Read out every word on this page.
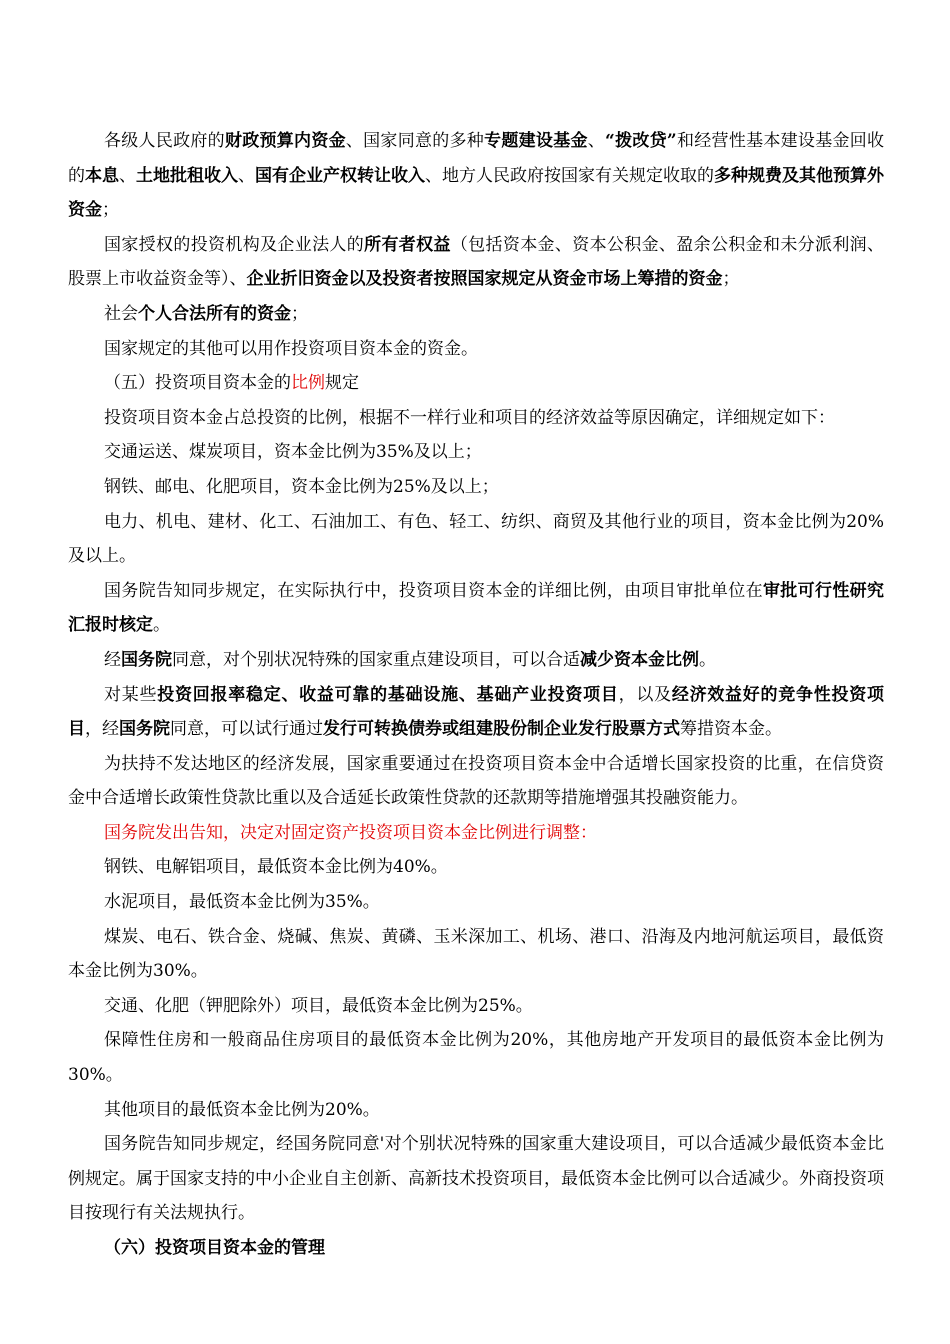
各级人民政府的财政预算内资金、国家同意的多种专题建设基金、“拨改贷”和经营性基本建设基金回收的本息、土地批租收入、国有企业产权转让收入、地方人民政府按国家有关规定收取的多种规费及其他预算外资金；

国家授权的投资机构及企业法人的所有者权益（包括资本金、资本公积金、盈余公积金和未分派利润、股票上市收益资金等）、企业折旧资金以及投资者按照国家规定从资金市场上筹措的资金；

社会个人合法所有的资金；

国家规定的其他可以用作投资项目资本金的资金。

（五）投资项目资本金的比例规定

投资项目资本金占总投资的比例，根据不一样行业和项目的经济效益等原因确定，详细规定如下：

交通运送、煤炭项目，资本金比例为35%及以上；

钢铁、邮电、化肥项目，资本金比例为25%及以上；

电力、机电、建材、化工、石油加工、有色、轻工、纺织、商贸及其他行业的项目，资本金比例为20%及以上。

国务院告知同步规定，在实际执行中，投资项目资本金的详细比例，由项目审批单位在审批可行性研究汇报时核定。

经国务院同意，对个别状况特殊的国家重点建设项目，可以合适减少资本金比例。

对某些投资回报率稳定、收益可靠的基础设施、基础产业投资项目，以及经济效益好的竞争性投资项目，经国务院同意，可以试行通过发行可转换债券或组建股份制企业发行股票方式筹措资本金。

为扶持不发达地区的经济发展，国家重要通过在投资项目资本金中合适增长国家投资的比重，在信贷资金中合适增长政策性贷款比重以及合适延长政策性贷款的还款期等措施增强其投融资能力。

国务院发出告知，决定对固定资产投资项目资本金比例进行调整：

钢铁、电解铝项目，最低资本金比例为40%。

水泥项目，最低资本金比例为35%。

煤炭、电石、铁合金、烧碱、焦炭、黄磷、玉米深加工、机场、港口、沿海及内地河航运项目，最低资本金比例为30%。

交通、化肥（钾肥除外）项目，最低资本金比例为25%。

保障性住房和一般商品住房项目的最低资本金比例为20%，其他房地产开发项目的最低资本金比例为30%。

其他项目的最低资本金比例为20%。

国务院告知同步规定，经国务院同意'对个别状况特殊的国家重大建设项目，可以合适减少最低资本金比例规定。属于国家支持的中小企业自主创新、高新技术投资项目，最低资本金比例可以合适减少。外商投资项目按现行有关法规执行。

（六）投资项目资本金的管理
